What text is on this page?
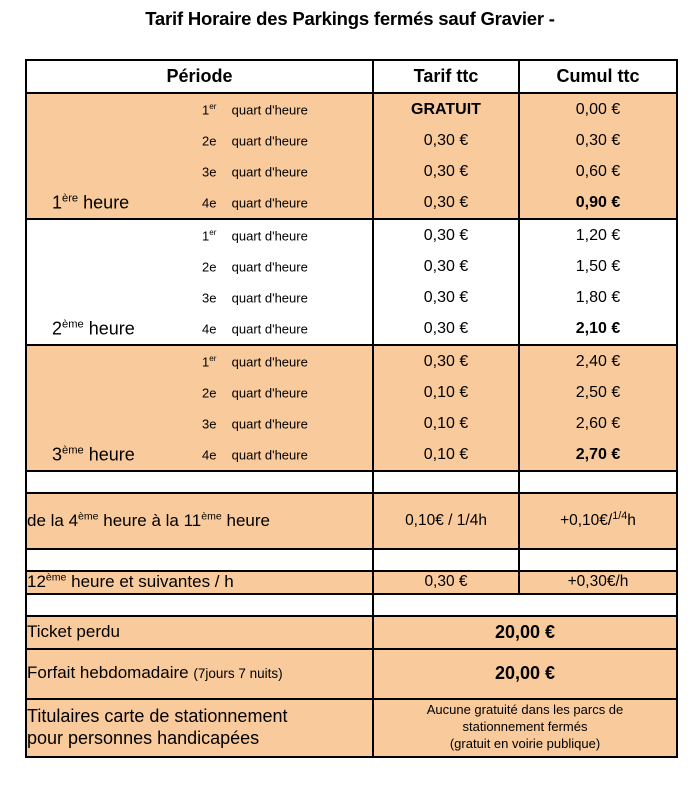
Tarif Horaire des Parkings fermés sauf Gravier -
Période	Tarif ttc	Cumul ttc

1er quart d'heure	GRATUIT	0,00 €

2e quart d'heure	0,30 €	0,30 €

3e quart d'heure	0,30 €	0,60 €

1ère heure 4e quart d'heure	0,30 €	0,90 €

1er quart d'heure	0,30 €	1,20 €

2e quart d'heure	0,30 €	1,50 €

3e quart d'heure	0,30 €	1,80 €

2ème heure 4e quart d'heure	0,30 €	2,10 €

1er quart d'heure	0,30 €	2,40 €

2e quart d'heure	0,10 €	2,50 €

3e quart d'heure	0,10 €	2,60 €

3ème heure 4e quart d'heure	0,10 €	2,70 €

de la 4ème heure à la 11ème heure	0,10€ / 1/4h	+0,10€/$^{1/4}$h

12ème heure et suivantes / h	0,30 €	+0,30€/h

Ticket perdu	20,00 €	
Forfait hebdomadaire (7jours 7 nuits)	20,00 €	
Titulaires carte de stationnement
pour personnes handicapées	Aucune gratuité dans les parcs de
stationnement fermés
(gratuit en voirie publique)	
